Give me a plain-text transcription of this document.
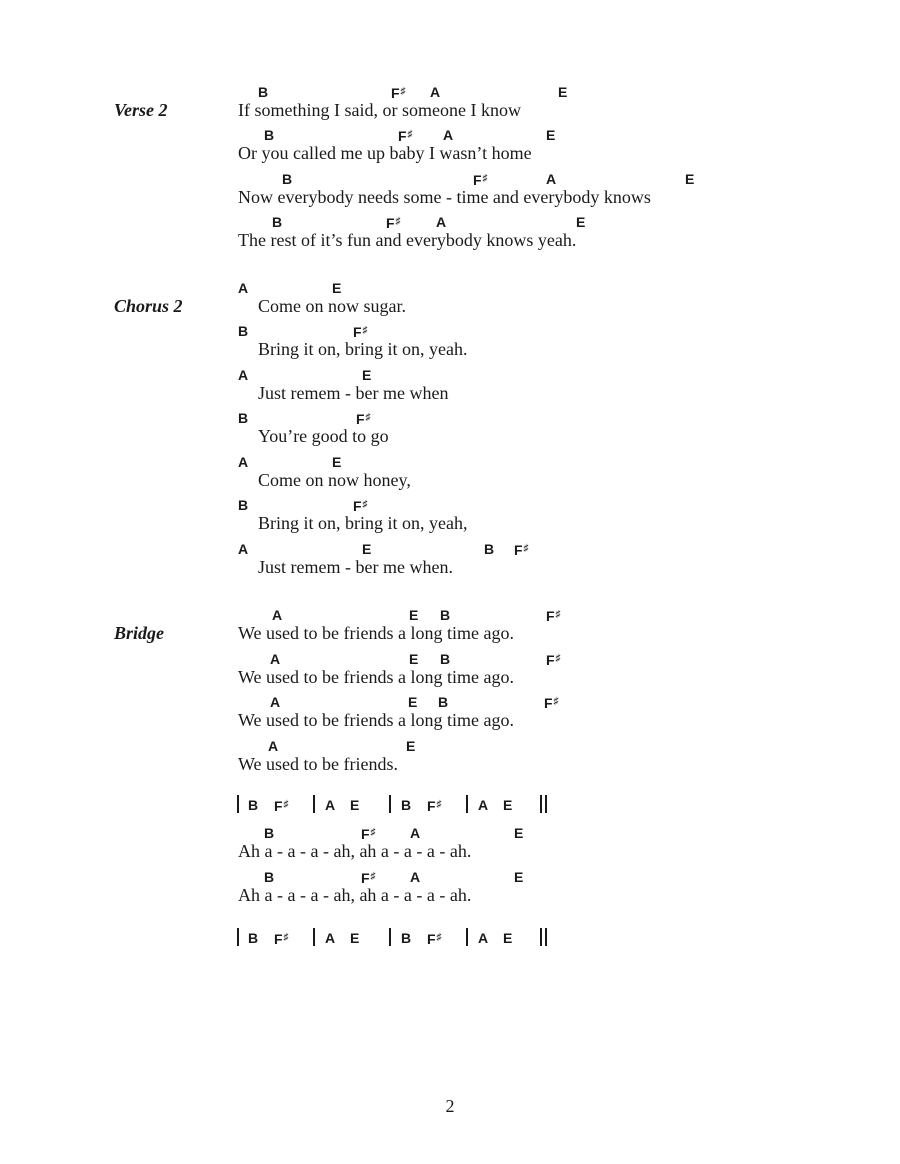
Verse 2
B	F♯ A	E
If something I said, or someone I know
B	F♯ A	E
Or you called me up baby I wasn’t home
B	F♯	A	E
Now everybody needs some - time and everybody knows
B	F♯	A	E
The rest of it’s fun and everybody knows yeah.
Chorus 2
A	E
Come on now sugar.
B	F♯
Bring it on, bring it on, yeah.
A	E
Just remem - ber me when
B	F♯
You’re good to go
A	E
Come on now honey,
B	F♯
Bring it on, bring it on, yeah,
A	E	B F♯
Just remem - ber me when.
Bridge
A	E B	F♯
We used to be friends a long time ago.
A	E B	F♯
We used to be friends a long time ago.
A	E B	F♯
We used to be friends a long time ago.
A	E
We used to be friends.
B F♯	A E	B F♯	A E
B	F♯ A	E
Ah a - a - a - ah, ah a - a - a - ah.
B	F♯ A	E
Ah a - a - a - ah, ah a - a - a - ah.
B F♯	A E	B F♯	A E
2
